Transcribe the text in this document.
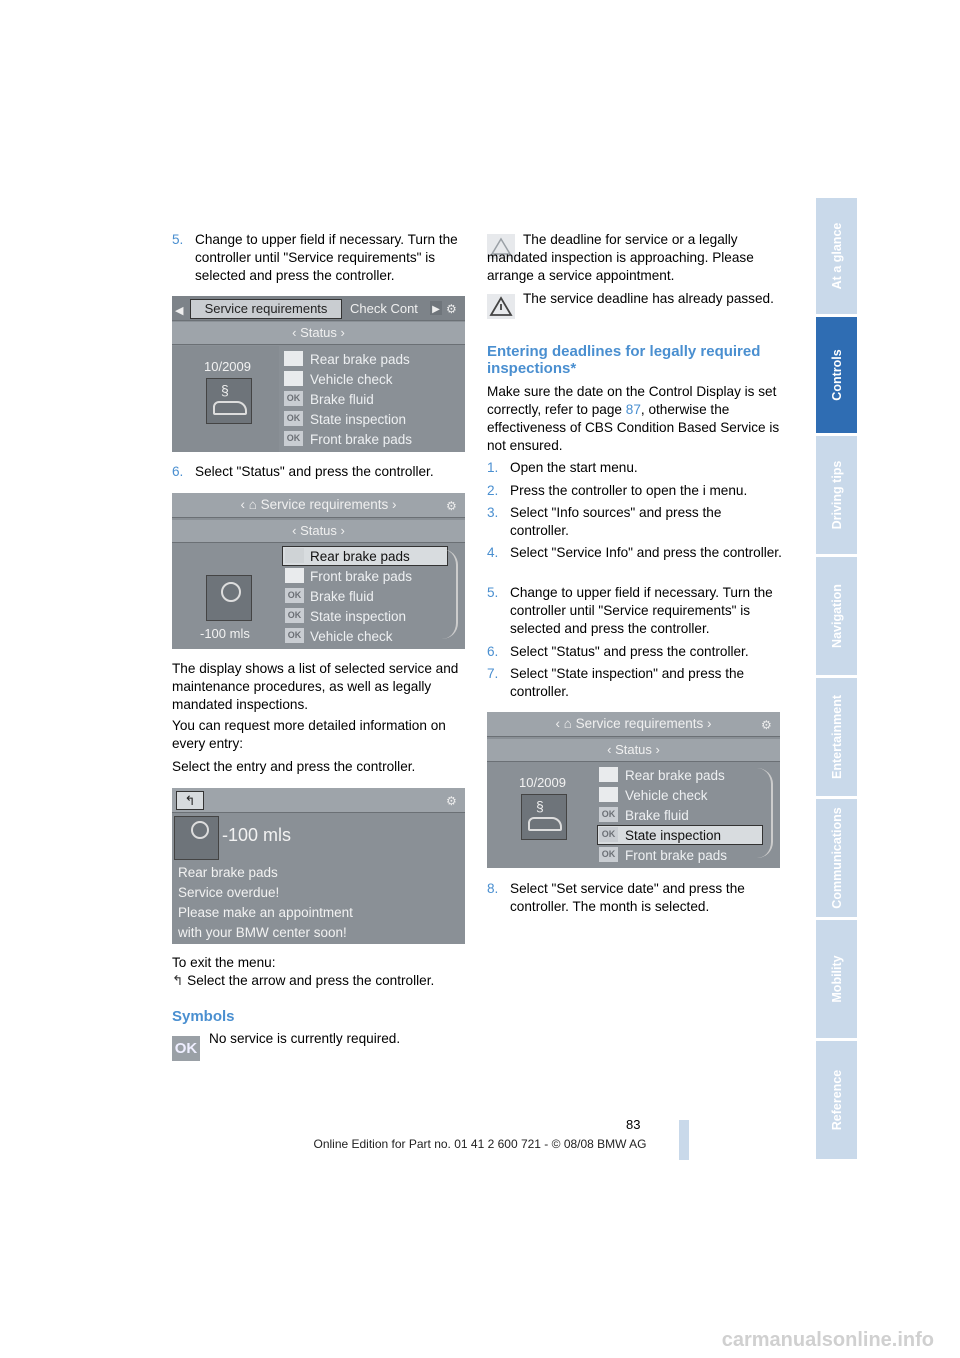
At a glance
Controls
Driving tips
Navigation
Entertainment
Communications
Mobility
Reference
5. Change to upper field if necessary. Turn the controller until "Service requirements" is selected and press the controller.
◀	Service requirements	Check Cont ▶ ⚙
‹ Status ›
10/2009
§
Rear brake pads
Vehicle check
OK Brake fluid
OK State inspection
OK Front brake pads
6. Select "Status" and press the controller.
‹ ⌂ Service requirements ›	⚙
‹ Status ›
-100 mls
Rear brake pads
Front brake pads
OK Brake fluid
OK State inspection
OK Vehicle check
The display shows a list of selected service and maintenance procedures, as well as legally mandated inspections.
You can request more detailed information on every entry:
Select the entry and press the controller.
↰	⚙
-100 mls
Rear brake pads
Service overdue!
Please make an appointment
with your BMW center soon!
To exit the menu:
↰ Select the arrow and press the controller.
Symbols
OK
No service is currently required.
The deadline for service or a legally mandated inspection is approaching. Please arrange a service appointment.
The service deadline has already passed.
Entering deadlines for legally required inspections*
Make sure the date on the Control Display is set correctly, refer to page 87, otherwise the effectiveness of CBS Condition Based Service is not ensured.
1. Open the start menu.
2. Press the controller to open the i menu.
3. Select "Info sources" and press the controller.
4. Select "Service Info" and press the controller.
5. Change to upper field if necessary. Turn the controller until "Service requirements" is selected and press the controller.
6. Select "Status" and press the controller.
7. Select "State inspection" and press the controller.
‹ ⌂ Service requirements ›	⚙
‹ Status ›
10/2009
§
Rear brake pads
Vehicle check
OK Brake fluid
OK State inspection
OK Front brake pads
8. Select "Set service date" and press the controller. The month is selected.
83
Online Edition for Part no. 01 41 2 600 721 - © 08/08 BMW AG
carmanualsonline.info
